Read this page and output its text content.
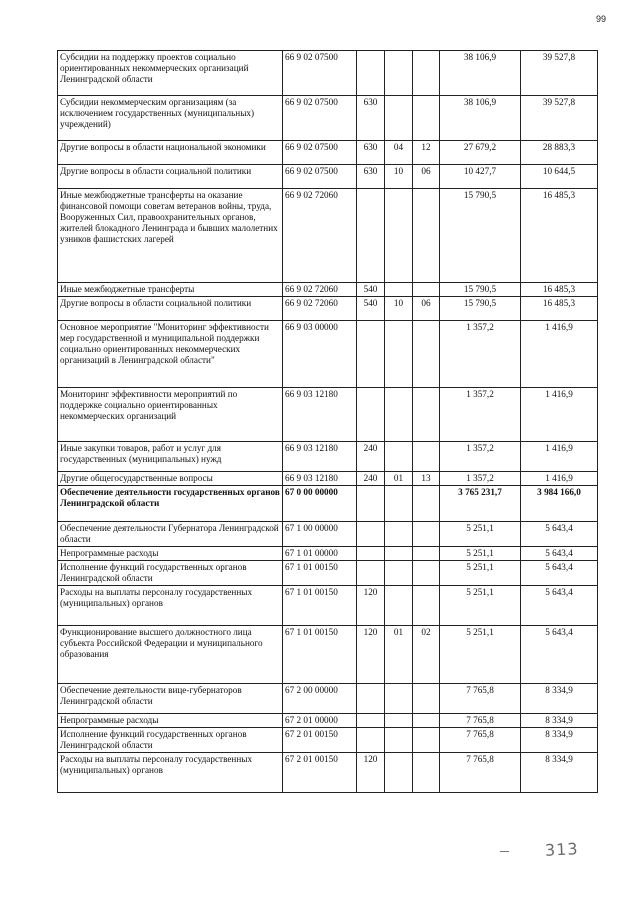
99
Субсидии на поддержку проектов социально ориентированных некоммерческих организаций Ленинградской области	66 9 02 07500				38 106,9	39 527,8
Субсидии некоммерческим организациям (за исключением государственных (муниципальных) учреждений)	66 9 02 07500	630			38 106,9	39 527,8
Другие вопросы в области национальной экономики	66 9 02 07500	630	04	12	27 679,2	28 883,3
Другие вопросы в области социальной политики	66 9 02 07500	630	10	06	10 427,7	10 644,5
Иные межбюджетные трансферты на оказание финансовой помощи советам ветеранов войны, труда, Вооруженных Сил, правоохранительных органов, жителей блокадного Ленинграда и бывших малолетних узников фашистских лагерей	66 9 02 72060				15 790,5	16 485,3
Иные межбюджетные трансферты	66 9 02 72060	540			15 790,5	16 485,3
Другие вопросы в области социальной политики	66 9 02 72060	540	10	06	15 790,5	16 485,3
Основное мероприятие "Мониторинг эффективности мер государственной и муниципальной поддержки социально ориентированных некоммерческих организаций в Ленинградской области"	66 9 03 00000				1 357,2	1 416,9
Мониторинг эффективности мероприятий по поддержке социально ориентированных некоммерческих организаций	66 9 03 12180				1 357,2	1 416,9
Иные закупки товаров, работ и услуг для государственных (муниципальных) нужд	66 9 03 12180	240			1 357,2	1 416,9
Другие общегосударственные вопросы	66 9 03 12180	240	01	13	1 357,2	1 416,9
Обеспечение деятельности государственных органов Ленинградской области	67 0 00 00000				3 765 231,7	3 984 166,0
Обеспечение деятельности Губернатора Ленинградской области	67 1 00 00000				5 251,1	5 643,4
Непрограммные расходы	67 1 01 00000				5 251,1	5 643,4
Исполнение функций государственных органов Ленинградской области	67 1 01 00150				5 251,1	5 643,4
Расходы на выплаты персоналу государственных (муниципальных) органов	67 1 01 00150	120			5 251,1	5 643,4
Функционирование высшего должностного лица субъекта Российской Федерации и муниципального образования	67 1 01 00150	120	01	02	5 251,1	5 643,4
Обеспечение деятельности вице-губернаторов Ленинградской области	67 2 00 00000				7 765,8	8 334,9
Непрограммные расходы	67 2 01 00000				7 765,8	8 334,9
Исполнение функций государственных органов Ленинградской области	67 2 01 00150				7 765,8	8 334,9
Расходы на выплаты персоналу государственных (муниципальных) органов	67 2 01 00150	120			7 765,8	8 334,9
313
